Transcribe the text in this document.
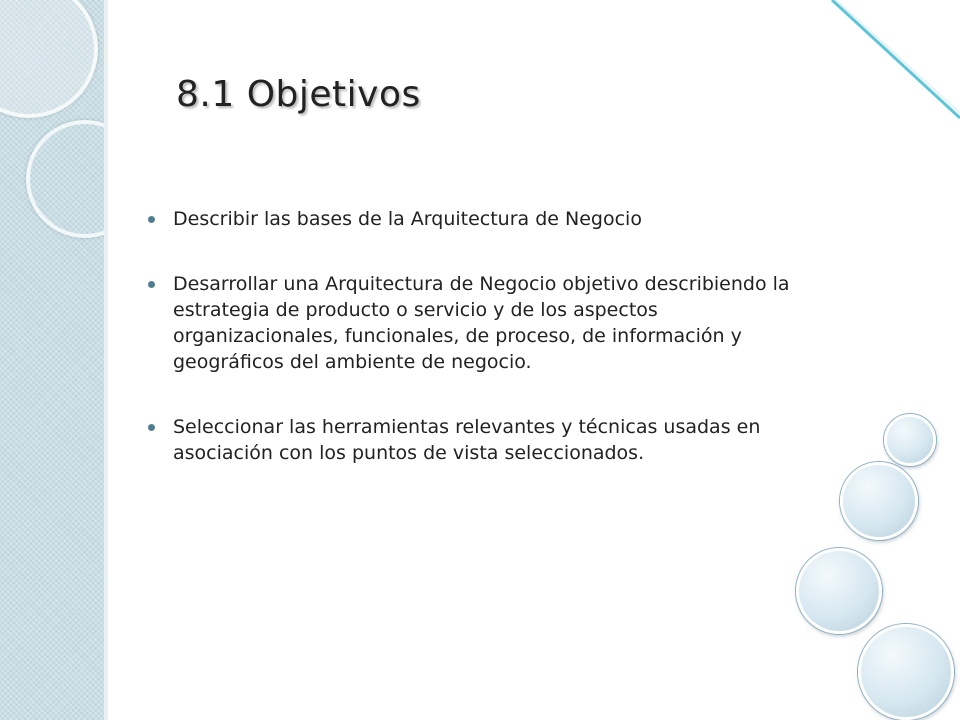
8.1 Objetivos
Describir las bases de la Arquitectura de Negocio
Desarrollar una Arquitectura de Negocio objetivo describiendo la estrategia de producto o servicio y de los aspectos organizacionales, funcionales, de proceso, de información y geográficos del ambiente de negocio.
Seleccionar las herramientas relevantes y técnicas usadas en asociación con los puntos de vista seleccionados.
